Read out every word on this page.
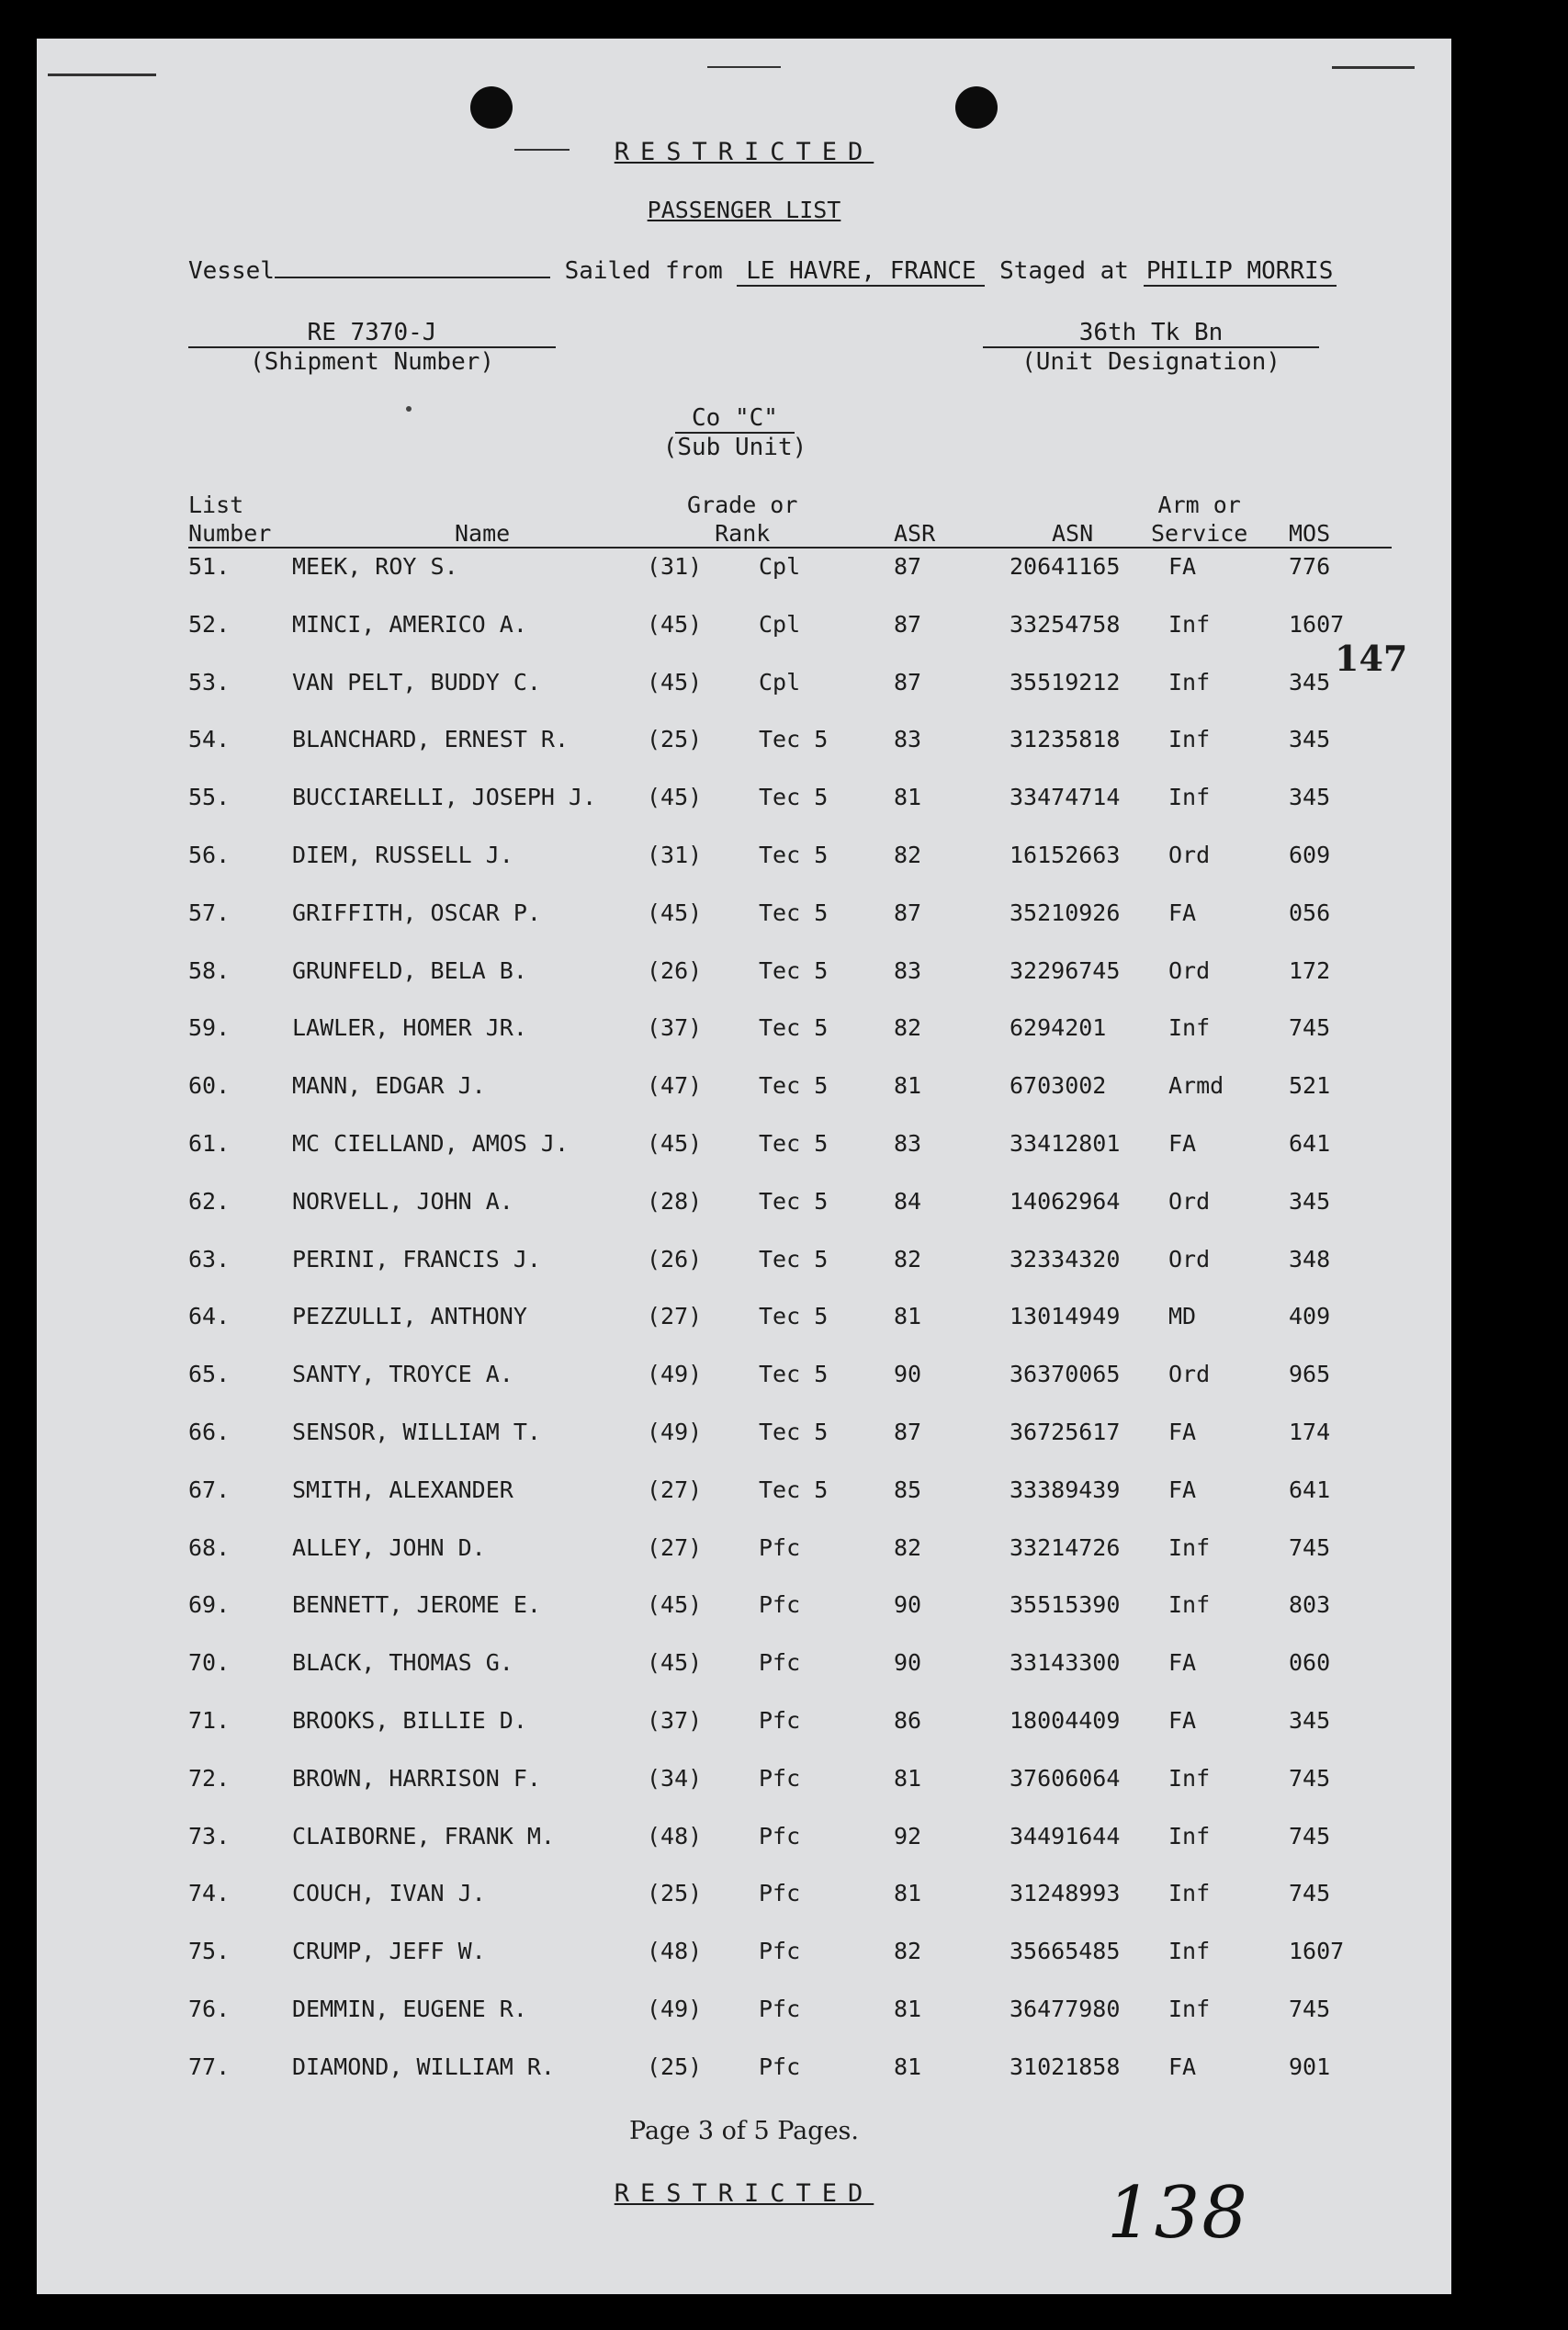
RESTRICTED
PASSENGER LIST
Vessel	Sailed from LE HAVRE, FRANCE Staged at PHILIP MORRIS
RE 7370-J
(Shipment Number)
36th Tk Bn
(Unit Designation)
Co "C"
(Sub Unit)
List
Number	Name
Grade or
Rank	ASR	ASN
Arm or
Service MOS
51.	MEEK, ROY S.	(31) Cpl	87	20641165 FA	776
52.	MINCI, AMERICO A.	(45) Cpl	87	33254758 Inf	1607
53.	VAN PELT, BUDDY C.	(45) Cpl	87	35519212 Inf	345
54.	BLANCHARD, ERNEST R.	(25) Tec 5	83	31235818 Inf	345
55.	BUCCIARELLI, JOSEPH J. (45) Tec 5	81	33474714 Inf	345
56.	DIEM, RUSSELL J.	(31) Tec 5	82	16152663 Ord	609
57.	GRIFFITH, OSCAR P.	(45) Tec 5	87	35210926 FA	056
58.	GRUNFELD, BELA B.	(26) Tec 5	83	32296745 Ord	172
59.	LAWLER, HOMER JR.	(37) Tec 5	82	6294201	Inf	745
60.	MANN, EDGAR J.	(47) Tec 5	81	6703002	Armd	521
61.	MC CIELLAND, AMOS J.	(45) Tec 5	83	33412801 FA	641
62.	NORVELL, JOHN A.	(28) Tec 5	84	14062964 Ord	345
63.	PERINI, FRANCIS J.	(26) Tec 5	82	32334320 Ord	348
64.	PEZZULLI, ANTHONY	(27) Tec 5	81	13014949 MD	409
65.	SANTY, TROYCE A.	(49) Tec 5	90	36370065 Ord	965
66.	SENSOR, WILLIAM T.	(49) Tec 5	87	36725617 FA	174
67.	SMITH, ALEXANDER	(27) Tec 5	85	33389439 FA	641
68.	ALLEY, JOHN D.	(27) Pfc	82	33214726 Inf	745
69.	BENNETT, JEROME E.	(45) Pfc	90	35515390 Inf	803
70.	BLACK, THOMAS G.	(45) Pfc	90	33143300 FA	060
71.	BROOKS, BILLIE D.	(37) Pfc	86	18004409 FA	345
72.	BROWN, HARRISON F.	(34) Pfc	81	37606064 Inf	745
73.	CLAIBORNE, FRANK M.	(48) Pfc	92	34491644 Inf	745
74.	COUCH, IVAN J.	(25) Pfc	81	31248993 Inf	745
75.	CRUMP, JEFF W.	(48) Pfc	82	35665485 Inf	1607
76.	DEMMIN, EUGENE R.	(49) Pfc	81	36477980 Inf	745
77.	DIAMOND, WILLIAM R.	(25) Pfc	81	31021858 FA	901
147
Page 3 of 5 Pages.
RESTRICTED	138
